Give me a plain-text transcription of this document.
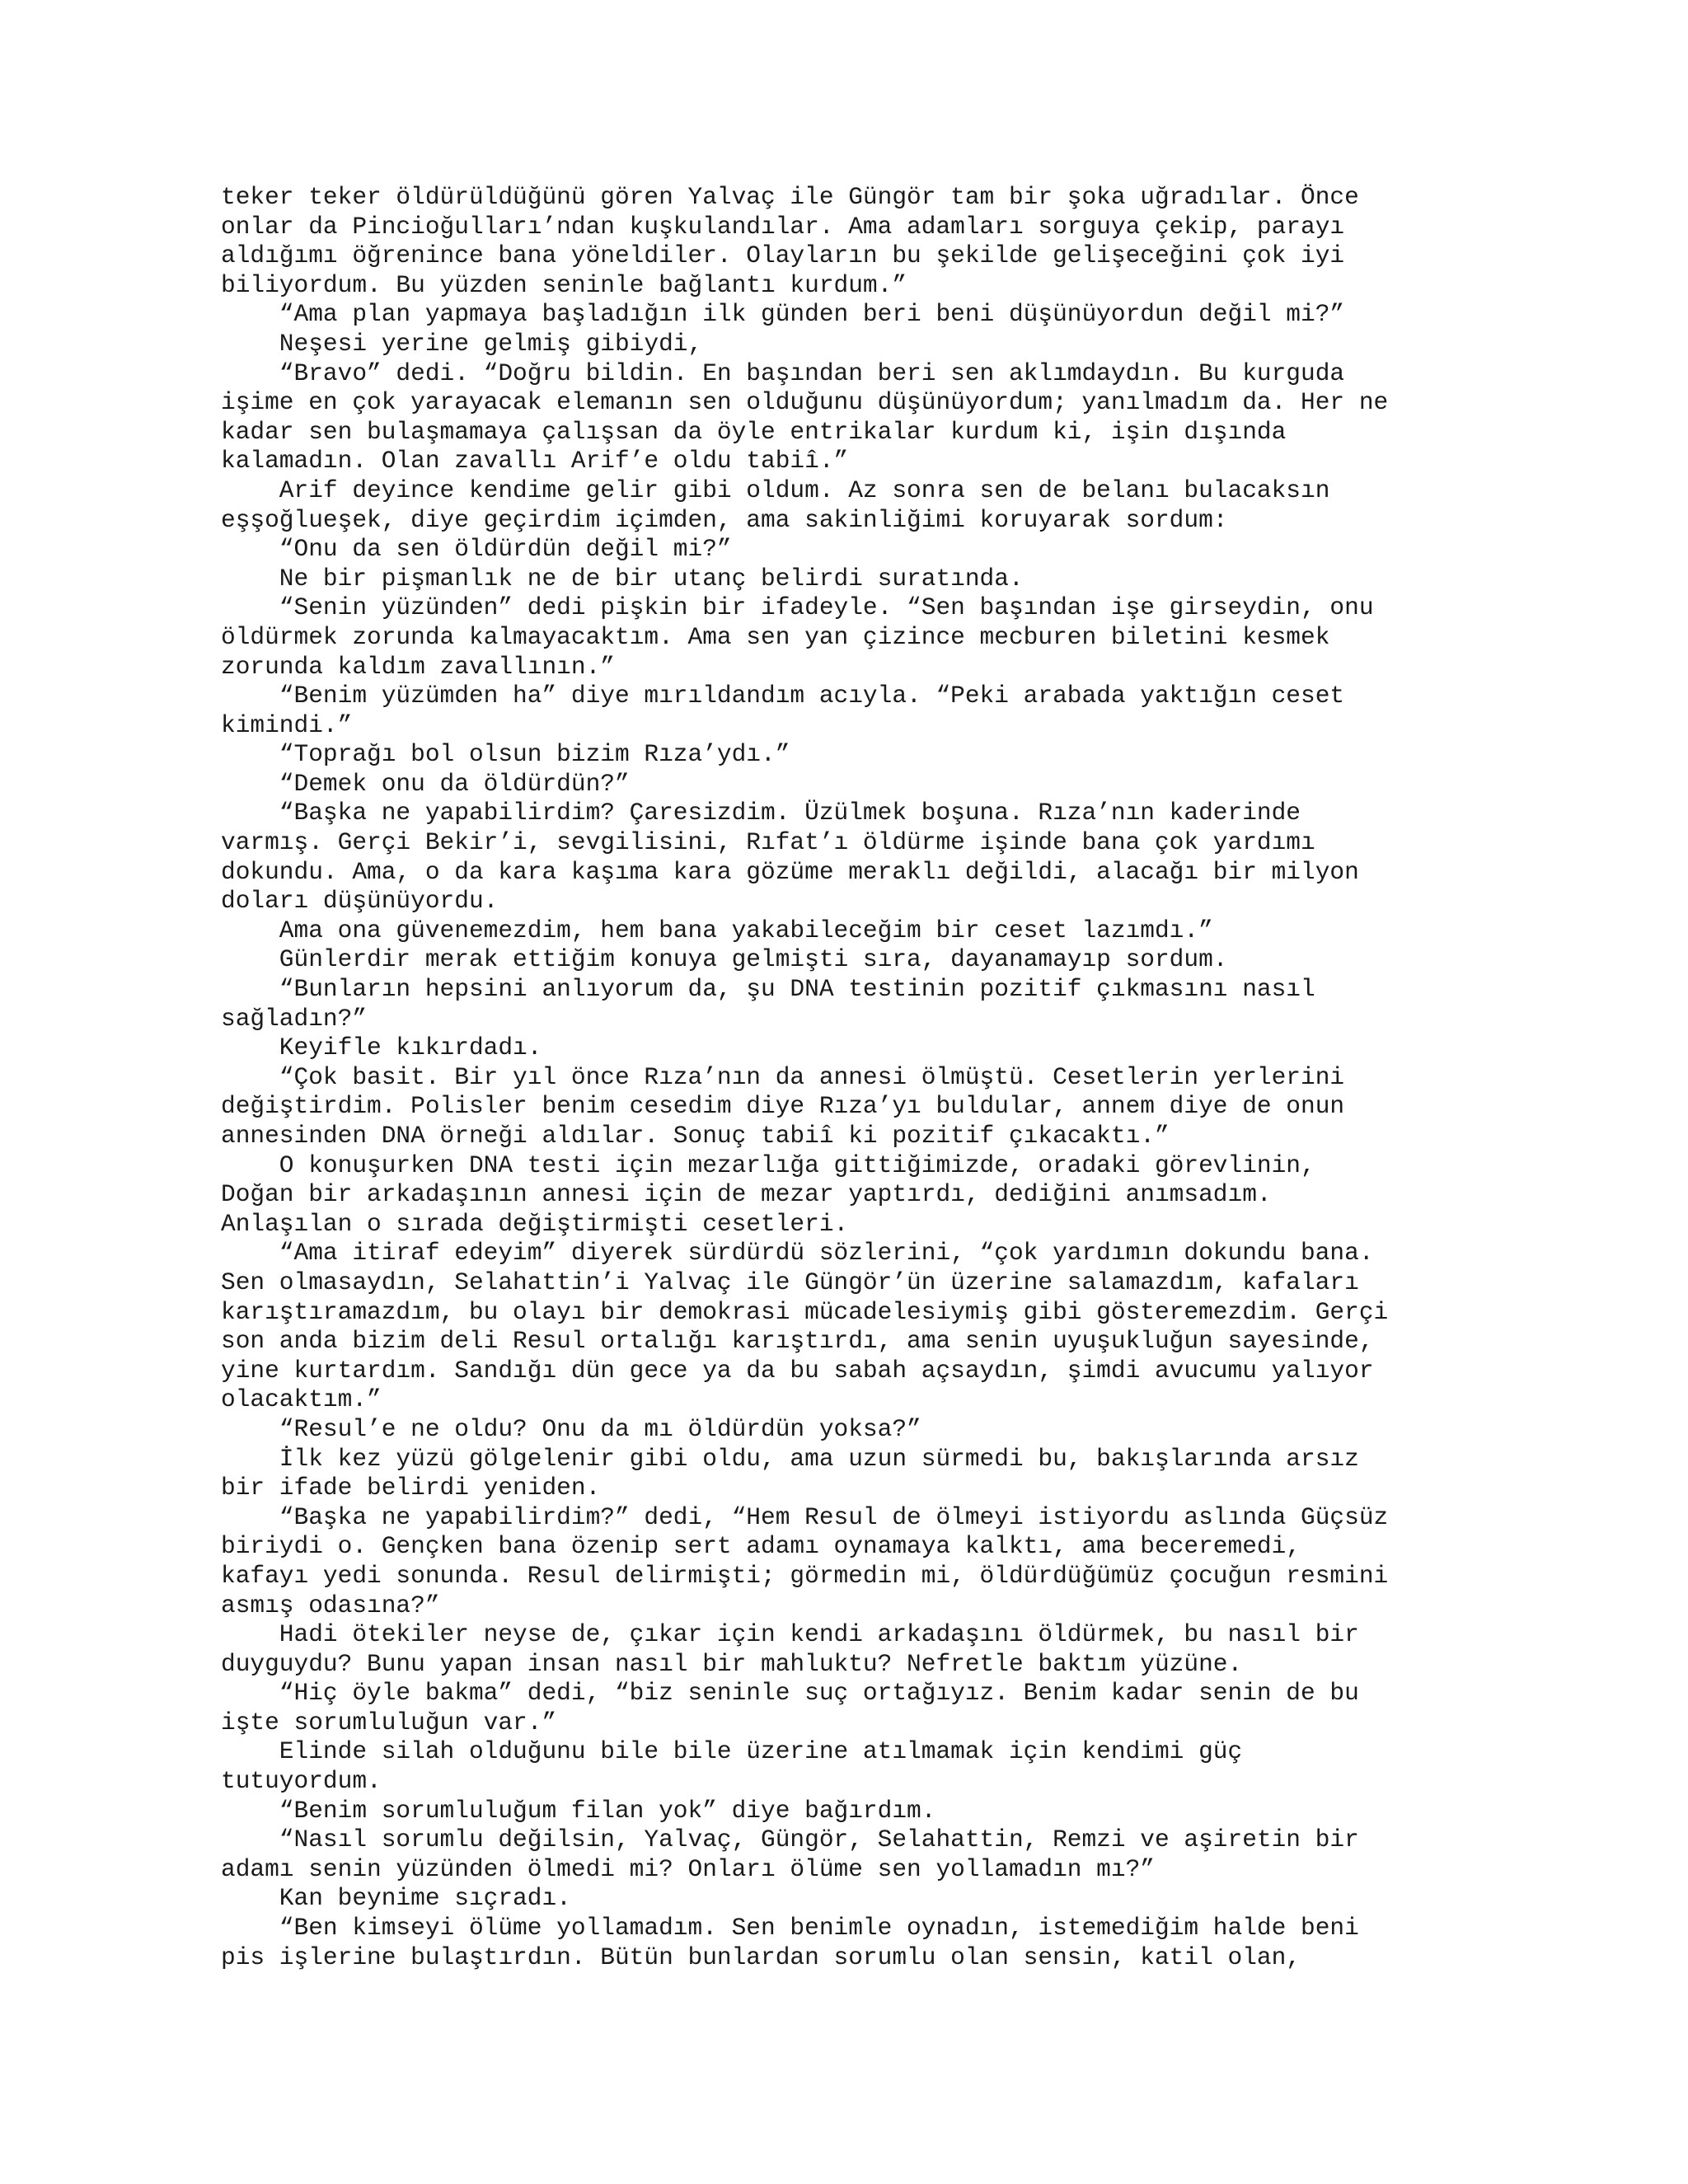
teker teker öldürüldüğünü gören Yalvaç ile Güngör tam bir şoka uğradılar. Önce
onlar da Pincioğulları’ndan kuşkulandılar. Ama adamları sorguya çekip, parayı
aldığımı öğrenince bana yöneldiler. Olayların bu şekilde gelişeceğini çok iyi
biliyordum. Bu yüzden seninle bağlantı kurdum.”
“Ama plan yapmaya başladığın ilk günden beri beni düşünüyordun değil mi?”
Neşesi yerine gelmiş gibiydi,
“Bravo” dedi. “Doğru bildin. En başından beri sen aklımdaydın. Bu kurguda
işime en çok yarayacak elemanın sen olduğunu düşünüyordum; yanılmadım da. Her ne
kadar sen bulaşmamaya çalışsan da öyle entrikalar kurdum ki, işin dışında
kalamadın. Olan zavallı Arif’e oldu tabiî.”
Arif deyince kendime gelir gibi oldum. Az sonra sen de belanı bulacaksın
eşşoğlueşek, diye geçirdim içimden, ama sakinliğimi koruyarak sordum:
“Onu da sen öldürdün değil mi?”
Ne bir pişmanlık ne de bir utanç belirdi suratında.
“Senin yüzünden” dedi pişkin bir ifadeyle. “Sen başından işe girseydin, onu
öldürmek zorunda kalmayacaktım. Ama sen yan çizince mecburen biletini kesmek
zorunda kaldım zavallının.”
“Benim yüzümden ha” diye mırıldandım acıyla. “Peki arabada yaktığın ceset
kimindi.”
“Toprağı bol olsun bizim Rıza’ydı.”
“Demek onu da öldürdün?”
“Başka ne yapabilirdim? Çaresizdim. Üzülmek boşuna. Rıza’nın kaderinde
varmış. Gerçi Bekir’i, sevgilisini, Rıfat’ı öldürme işinde bana çok yardımı
dokundu. Ama, o da kara kaşıma kara gözüme meraklı değildi, alacağı bir milyon
doları düşünüyordu.
Ama ona güvenemezdim, hem bana yakabileceğim bir ceset lazımdı.”
Günlerdir merak ettiğim konuya gelmişti sıra, dayanamayıp sordum.
“Bunların hepsini anlıyorum da, şu DNA testinin pozitif çıkmasını nasıl
sağladın?”
Keyifle kıkırdadı.
“Çok basit. Bir yıl önce Rıza’nın da annesi ölmüştü. Cesetlerin yerlerini
değiştirdim. Polisler benim cesedim diye Rıza’yı buldular, annem diye de onun
annesinden DNA örneği aldılar. Sonuç tabiî ki pozitif çıkacaktı.”
O konuşurken DNA testi için mezarlığa gittiğimizde, oradaki görevlinin,
Doğan bir arkadaşının annesi için de mezar yaptırdı, dediğini anımsadım.
Anlaşılan o sırada değiştirmişti cesetleri.
“Ama itiraf edeyim” diyerek sürdürdü sözlerini, “çok yardımın dokundu bana.
Sen olmasaydın, Selahattin’i Yalvaç ile Güngör’ün üzerine salamazdım, kafaları
karıştıramazdım, bu olayı bir demokrasi mücadelesiymiş gibi gösteremezdim. Gerçi
son anda bizim deli Resul ortalığı karıştırdı, ama senin uyuşukluğun sayesinde,
yine kurtardım. Sandığı dün gece ya da bu sabah açsaydın, şimdi avucumu yalıyor
olacaktım.”
“Resul’e ne oldu? Onu da mı öldürdün yoksa?”
İlk kez yüzü gölgelenir gibi oldu, ama uzun sürmedi bu, bakışlarında arsız
bir ifade belirdi yeniden.
“Başka ne yapabilirdim?” dedi, “Hem Resul de ölmeyi istiyordu aslında Güçsüz
biriydi o. Gençken bana özenip sert adamı oynamaya kalktı, ama beceremedi,
kafayı yedi sonunda. Resul delirmişti; görmedin mi, öldürdüğümüz çocuğun resmini
asmış odasına?”
Hadi ötekiler neyse de, çıkar için kendi arkadaşını öldürmek, bu nasıl bir
duyguydu? Bunu yapan insan nasıl bir mahluktu? Nefretle baktım yüzüne.
“Hiç öyle bakma” dedi, “biz seninle suç ortağıyız. Benim kadar senin de bu
işte sorumluluğun var.”
Elinde silah olduğunu bile bile üzerine atılmamak için kendimi güç
tutuyordum.
“Benim sorumluluğum filan yok” diye bağırdım.
“Nasıl sorumlu değilsin, Yalvaç, Güngör, Selahattin, Remzi ve aşiretin bir
adamı senin yüzünden ölmedi mi? Onları ölüme sen yollamadın mı?”
Kan beynime sıçradı.
“Ben kimseyi ölüme yollamadım. Sen benimle oynadın, istemediğim halde beni
pis işlerine bulaştırdın. Bütün bunlardan sorumlu olan sensin, katil olan,
